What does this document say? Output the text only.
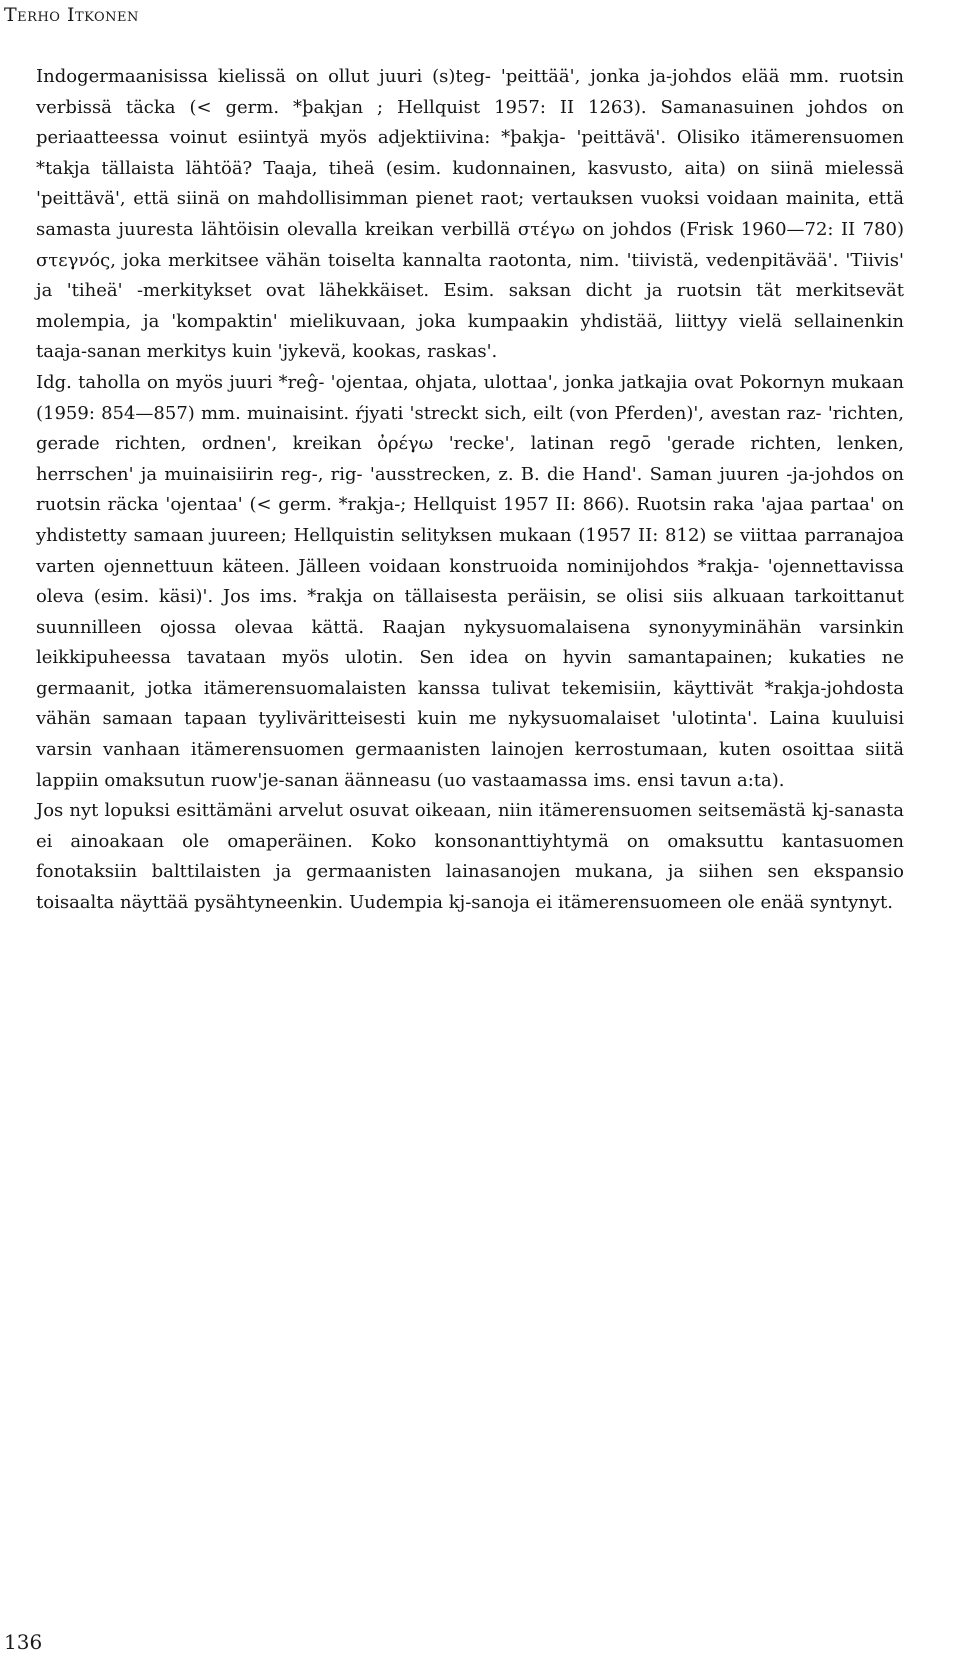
Terho Itkonen

Indogermaanisissa kielissä on ollut juuri (s)teg- 'peittää', jonka ja-johdos elää mm. ruotsin verbissä täcka (< germ. *þakjan ; Hellquist 1957: II 1263). Samanasuinen johdos on periaatteessa voinut esiintyä myös adjektiivina: *þakja- 'peittävä'. Olisiko itämerensuomen *takja tällaista lähtöä? Taaja, tiheä (esim. kudonnainen, kasvusto, aita) on siinä mielessä 'peittävä', että siinä on mahdollisimman pienet raot; vertauksen vuoksi voidaan mainita, että samasta juuresta lähtöisin olevalla kreikan verbillä στέγω on johdos (Frisk 1960—72: II 780) στεγνός, joka merkitsee vähän toiselta kannalta raotonta, nim. 'tiivistä, vedenpitävää'. 'Tiivis' ja 'tiheä' -merkitykset ovat lähekkäiset. Esim. saksan dicht ja ruotsin tät merkitsevät molempia, ja 'kompaktin' mielikuvaan, joka kumpaakin yhdistää, liittyy vielä sellainenkin taaja-sanan merkitys kuin 'jykevä, kookas, raskas'.

Idg. taholla on myös juuri *reĝ- 'ojentaa, ohjata, ulottaa', jonka jatkajia ovat Pokornyn mukaan (1959: 854—857) mm. muinaisint. ŕjyati 'streckt sich, eilt (von Pferden)', avestan raz- 'richten, gerade richten, ordnen', kreikan ὀρέγω 'recke', latinan regō 'gerade richten, lenken, herrschen' ja muinaisiirin reg-, rig- 'ausstrecken, z. B. die Hand'. Saman juuren -ja-johdos on ruotsin räcka 'ojentaa' (< germ. *rakja-; Hellquist 1957 II: 866). Ruotsin raka 'ajaa partaa' on yhdistetty samaan juureen; Hellquistin selityksen mukaan (1957 II: 812) se viittaa parranajoa varten ojennettuun käteen. Jälleen voidaan konstruoida nominijohdos *rakja- 'ojennettavissa oleva (esim. käsi)'. Jos ims. *rakja on tällaisesta peräisin, se olisi siis alkuaan tarkoittanut suunnilleen ojossa olevaa kättä. Raajan nykysuomalaisena synonyyminähän varsinkin leikkipuheessa tavataan myös ulotin. Sen idea on hyvin samantapainen; kukaties ne germaanit, jotka itämerensuomalaisten kanssa tulivat tekemisiin, käyttivät *rakja-johdosta vähän samaan tapaan tyyliväritteisesti kuin me nykysuomalaiset 'ulotinta'. Laina kuuluisi varsin vanhaan itämerensuomen germaanisten lainojen kerrostumaan, kuten osoittaa siitä lappiin omaksutun ruow'je-sanan äänneasu (uo vastaamassa ims. ensi tavun a:ta).

Jos nyt lopuksi esittämäni arvelut osuvat oikeaan, niin itämerensuomen seitsemästä kj-sanasta ei ainoakaan ole omaperäinen. Koko konsonanttiyhtymä on omaksuttu kantasuomen fonotaksiin balttilaisten ja germaanisten lainasanojen mukana, ja siihen sen ekspansio toisaalta näyttää pysähtyneenkin. Uudempia kj-sanoja ei itämerensuomeen ole enää syntynyt.

136
